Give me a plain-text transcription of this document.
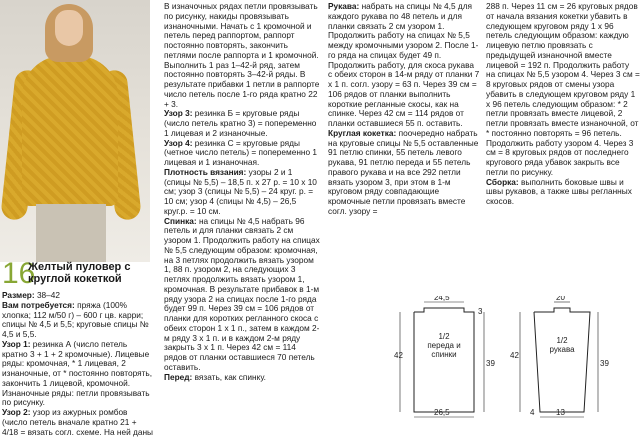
16
Желтый пуловер с круглой кокеткой

Размер: 38–42

Вам потребуется: пряжа (100% хлопка; 112 м/50 г) – 600 г цв. карри; спицы № 4,5 и 5,5; круговые спицы № 4,5 и 5,5.

Узор 1: резинка А (число петель кратно 3 + 1 + 2 кромочные). Лицевые ряды: кромочная, * 1 лицевая, 2 изнаночные, от * постоянно повторять, закончить 1 лицевой, кромочной. Изнаночные ряды: петли провязывать по рисунку.

Узор 2: узор из ажурных ромбов (число петель вначале кратно 21 + 4/18 = вязать согл. схеме. На ней даны

В изначочных рядах петли провязывать по рисунку, накиды провязывать изнаночными. Начать с 1 кромочной и петель перед раппортом, раппорт постоянно повторять, закончить петлями после раппорта и 1 кромочной. Выполнить 1 раз 1–42-й ряд, затем постоянно повторять 3–42-й ряды. В результате прибавки 1 петли в раппорте число петель после 1-го ряда кратно 22 + 3.

Узор 3: резинка Б = круговые ряды (число петель кратно 3) = попеременно 1 лицевая и 2 изнаночные.

Узор 4: резинка С = круговые ряды (четное число петель) = попеременно 1 лицевая и 1 изнаночная.

Плотность вязания: узоры 2 и 1 (спицы № 5,5) – 18,5 п. х 27 р. = 10 х 10 см; узор 3 (спицы № 5,5) – 24 круг. р. = 10 см; узор 4 (спицы № 4,5) – 26,5 круг.р. = 10 см.

Спинка: на спицы № 4,5 набрать 96 петель и для планки связать 2 см узором 1. Продолжить работу на спицах № 5,5 следующим образом: кромочная, на 3 петлях продолжить вязать узором 1, 88 п. узором 2, на следующих 3 петлях продолжить вязать узором 1, кромочная. В результате прибавок в 1-м ряду узора 2 на спицах после 1-го ряда будет 99 п. Через 39 см = 106 рядов от планки для коротких регланного скоса с обеих сторон 1 х 1 п., затем в каждом 2-м ряду 3 х 1 п. и в каждом 2-м ряду закрыть 3 х 1 п. Через 42 см = 114 рядов от планки оставшиеся 70 петель оставить.

Перед: вязать, как спинку.

Рукава: набрать на спицы № 4,5 для каждого рукава по 48 петель и для планки связать 2 см узором 1. Продолжить работу на спицах № 5,5 между кромочными узором 2. После 1-го ряда на спицах будет 49 п. Продолжить работу, для скоса рукава с обеих сторон в 14-м ряду от планки 7 х 1 п. согл. узору = 63 п. Через 39 см = 106 рядов от планки выполнить короткие регланные скосы, как на спинке. Через 42 см = 114 рядов от планки оставшиеся 55 п. оставить.

Круглая кокетка: поочередно набрать на круговые спицы № 5,5 оставленные 91 петлю спинки, 55 петель левого рукава, 91 петлю переда и 55 петель правого рукава и на все 292 петли вязать узором 3, при этом в 1-м круговом ряду совпадающие кромочные петли провязать вместе согл. узору =

288 п. Через 11 см = 26 круговых рядов от начала вязания кокетки убавить в следующем круговом ряду 1 х 96 петель следующим образом: каждую лицевую петлю провязать с предыдущей изнаночной вместе лицевой = 192 п. Продолжить работу на спицах № 5,5 узором 4. Через 3 см = 8 круговых рядов от смены узора убавить в следующем круговом ряду 1 х 96 петель следующим образом: * 2 петли провязать вместе лицевой, 2 петли провязать вместе изнаночной, от * постоянно повторять = 96 петель. Продолжить работу узором 4. Через 3 см = 8 круговых рядов от последнего кругового ряда убавок закрыть все петли по рисунку.

Сборка: выполнить боковые швы и швы рукавов, а также швы регланных скосов.

24,5
3
39
42
26,5
1/2 переда и спинки
20
39
42
13
4
1/2 рукава
